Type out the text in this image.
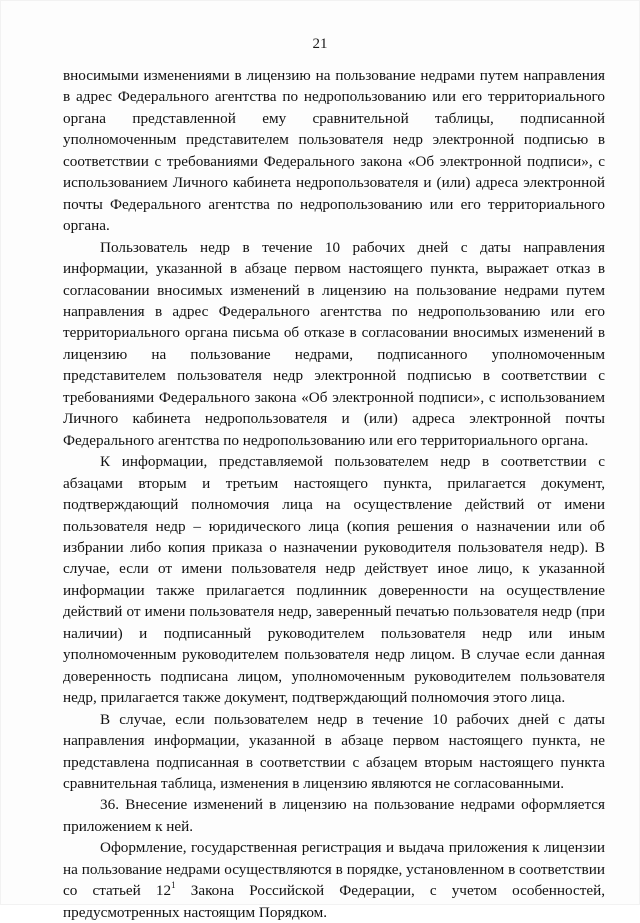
21

вносимыми изменениями в лицензию на пользование недрами путем направления в адрес Федерального агентства по недропользованию или его территориального органа представленной ему сравнительной таблицы, подписанной уполномоченным представителем пользователя недр электронной подписью в соответствии с требованиями Федерального закона «Об электронной подписи», с использованием Личного кабинета недропользователя и (или) адреса электронной почты Федерального агентства по недропользованию или его территориального органа.

Пользователь недр в течение 10 рабочих дней с даты направления информации, указанной в абзаце первом настоящего пункта, выражает отказ в согласовании вносимых изменений в лицензию на пользование недрами путем направления в адрес Федерального агентства по недропользованию или его территориального органа письма об отказе в согласовании вносимых изменений в лицензию на пользование недрами, подписанного уполномоченным представителем пользователя недр электронной подписью в соответствии с требованиями Федерального закона «Об электронной подписи», с использованием Личного кабинета недропользователя и (или) адреса электронной почты Федерального агентства по недропользованию или его территориального органа.

К информации, представляемой пользователем недр в соответствии с абзацами вторым и третьим настоящего пункта, прилагается документ, подтверждающий полномочия лица на осуществление действий от имени пользователя недр – юридического лица (копия решения о назначении или об избрании либо копия приказа о назначении руководителя пользователя недр). В случае, если от имени пользователя недр действует иное лицо, к указанной информации также прилагается подлинник доверенности на осуществление действий от имени пользователя недр, заверенный печатью пользователя недр (при наличии) и подписанный руководителем пользователя недр или иным уполномоченным руководителем пользователя недр лицом. В случае если данная доверенность подписана лицом, уполномоченным руководителем пользователя недр, прилагается также документ, подтверждающий полномочия этого лица.

В случае, если пользователем недр в течение 10 рабочих дней с даты направления информации, указанной в абзаце первом настоящего пункта, не представлена подписанная в соответствии с абзацем вторым настоящего пункта сравнительная таблица, изменения в лицензию являются не согласованными.

36. Внесение изменений в лицензию на пользование недрами оформляется приложением к ней.

Оформление, государственная регистрация и выдача приложения к лицензии на пользование недрами осуществляются в порядке, установленном в соответствии со статьей $12^1$ Закона Российской Федерации, с учетом особенностей, предусмотренных настоящим Порядком.
